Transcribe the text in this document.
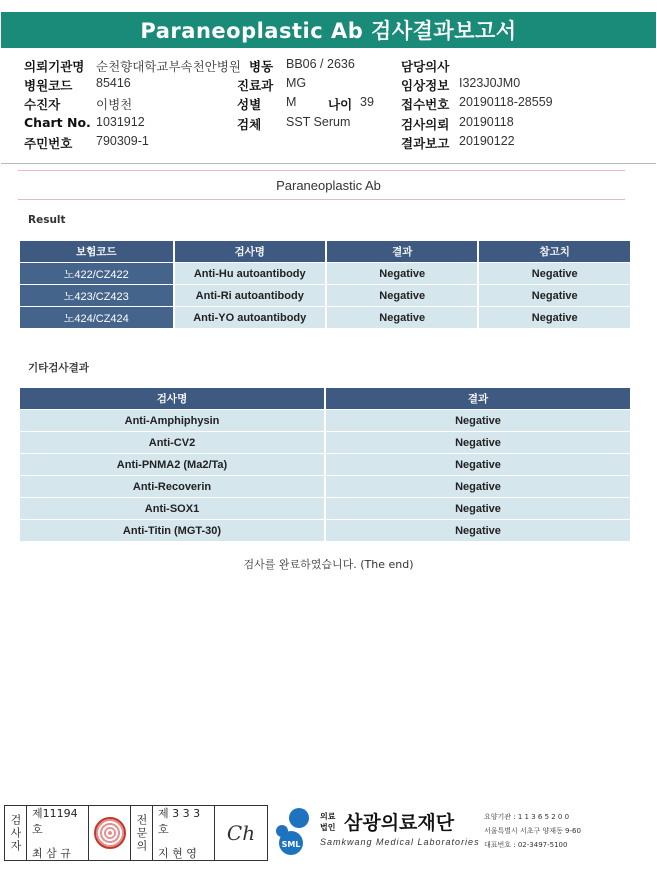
Paraneoplastic Ab 검사결과보고서
의뢰기관명 순천향대학교부속천안병원 병동 BB06 / 2636	담당의사
병원코드 85416	진료과 MG	임상정보 I323J0JM0
수진자	이병천	성별 M	나이 39 접수번호 20190118-28559
Chart No. 1031912	검체 SST Serum	검사의뢰 20190118
주민번호 790309-1	결과보고 20190122
Paraneoplastic Ab
Result
보험코드	검사명	결과	참고치
노422/CZ422	Anti-Hu autoantibody	Negative	Negative
노423/CZ423	Anti-Ri autoantibody	Negative	Negative
노424/CZ424	Anti-YO autoantibody	Negative	Negative
기타검사결과
검사명	결과
Anti-Amphiphysin	Negative
Anti-CV2	Negative
Anti-PNMA2 (Ma2/Ta)	Negative
Anti-Recoverin	Negative
Anti-SOX1	Negative
Anti-Titin (MGT-30)	Negative
검사를 완료하였습니다. (The end)
검사자 제11194호
최 삼 규
전문의 제 3 3 3 호
지 현 영
Ch	SML
의료
법인 삼광의료재단
Samkwang Medical Laboratories
요양기관 : 1 1 3 6 5 2 0 0
서울특별시 서초구 양재동 9-60
대표번호 : 02-3497-5100
